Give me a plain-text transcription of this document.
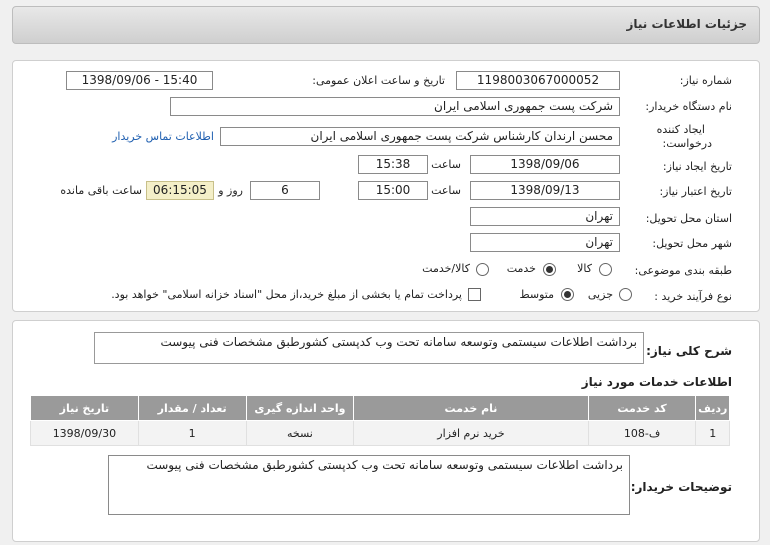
جزئیات اطلاعات نیاز
شماره نیاز:
1198003067000052
تاریخ و ساعت اعلان عمومی:
1398/09/06 - 15:40
نام دستگاه خریدار:
شرکت پست جمهوری اسلامی ایران
ایجاد کننده
درخواست:
محسن ارندان کارشناس شرکت پست جمهوری اسلامی ایران
اطلاعات تماس خریدار
تاریخ ایجاد نیاز:
1398/09/06
ساعت
15:38
تاریخ اعتبار نیاز:
1398/09/13
ساعت
15:00
6
روز و
06:15:05
ساعت باقی مانده
استان محل تحویل:
تهران
شهر محل تحویل:
تهران
طبقه بندی موضوعی:
کالا
خدمت
کالا/خدمت
نوع فرآیند خرید :
جزیی
متوسط
پرداخت تمام یا بخشی از مبلغ خرید،از محل "اسناد خزانه اسلامی" خواهد بود.
شرح کلی نیاز:
برداشت اطلاعات سیستمی وتوسعه سامانه تحت وب کدپستی کشورطبق مشخصات فنی پیوست
اطلاعات خدمات مورد نیاز
ردیف	کد خدمت	نام خدمت	واحد اندازه گیری	تعداد / مقدار	تاریخ نیاز
1	ف-108	خرید نرم افزار	نسخه	1	1398/09/30
توضیحات خریدار:
برداشت اطلاعات سیستمی وتوسعه سامانه تحت وب کدپستی کشورطبق مشخصات فنی پیوست
